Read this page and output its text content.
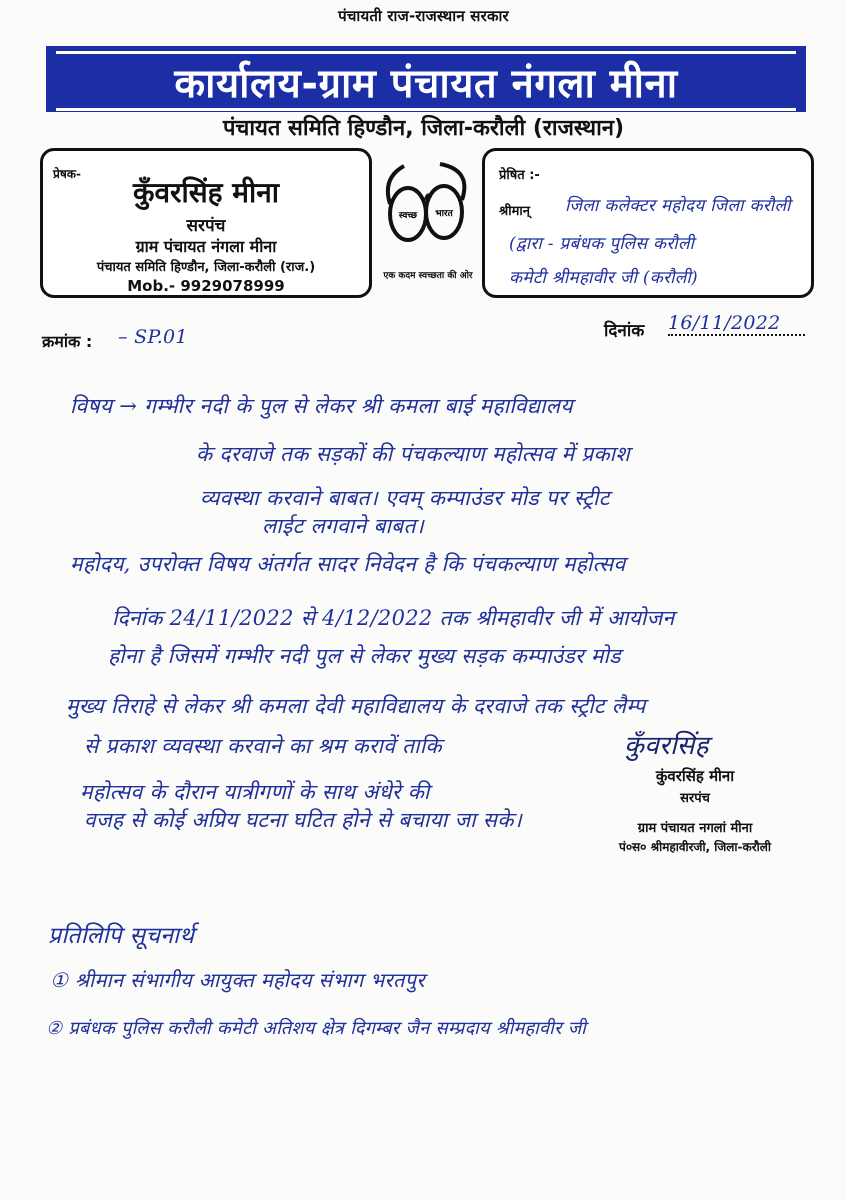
पंचायती राज-राजस्थान सरकार
कार्यालय-ग्राम पंचायत नंगला मीना
पंचायत समिति हिण्डौन, जिला-करौली (राजस्थान)
प्रेषक-
कुँवरसिंह मीना
सरपंच
ग्राम पंचायत नंगला मीना
पंचायत समिति हिण्डौन, जिला-करौली (राज.)
Mob.- 9929078999
स्वच्छ भारत
एक कदम स्वच्छता की ओर
प्रेषित :-
श्रीमान् जिला कलेक्टर महोदय जिला करौली
(द्वारा - प्रबंधक पुलिस करौली
कमेटी श्रीमहावीर जी (करौली)
क्रमांक : – SP.01	दिनांक 16/11/2022
विषय → गम्भीर नदी के पुल से लेकर श्री कमला बाई महाविद्यालय
के दरवाजे तक सड़कों की पंचकल्याण महोत्सव में प्रकाश
व्यवस्था करवाने बाबत। एवम् कम्पाउंडर मोड पर स्ट्रीट
लाईट लगवाने बाबत।
महोदय, उपरोक्त विषय अंतर्गत सादर निवेदन है कि पंचकल्याण महोत्सव
दिनांक 24/11/2022 से 4/12/2022 तक श्रीमहावीर जी में आयोजन
होना है जिसमें गम्भीर नदी पुल से लेकर मुख्य सड़क कम्पाउंडर मोड
मुख्य तिराहे से लेकर श्री कमला देवी महाविद्यालय के दरवाजे तक स्ट्रीट लैम्प
से प्रकाश व्यवस्था करवाने का श्रम करावें ताकि
महोत्सव के दौरान यात्रीगणों के साथ अंधेरे की
वजह से कोई अप्रिय घटना घटित होने से बचाया जा सके।
कुँवरसिंह
कुंवरसिंह मीना
सरपंच
ग्राम पंचायत नगलां मीना
पं०स० श्रीमहावीरजी, जिला-करौली
प्रतिलिपि सूचनार्थ
① श्रीमान संभागीय आयुक्त महोदय संभाग भरतपुर
② प्रबंधक पुलिस करौली कमेटी अतिशय क्षेत्र दिगम्बर जैन सम्प्रदाय श्रीमहावीर जी
